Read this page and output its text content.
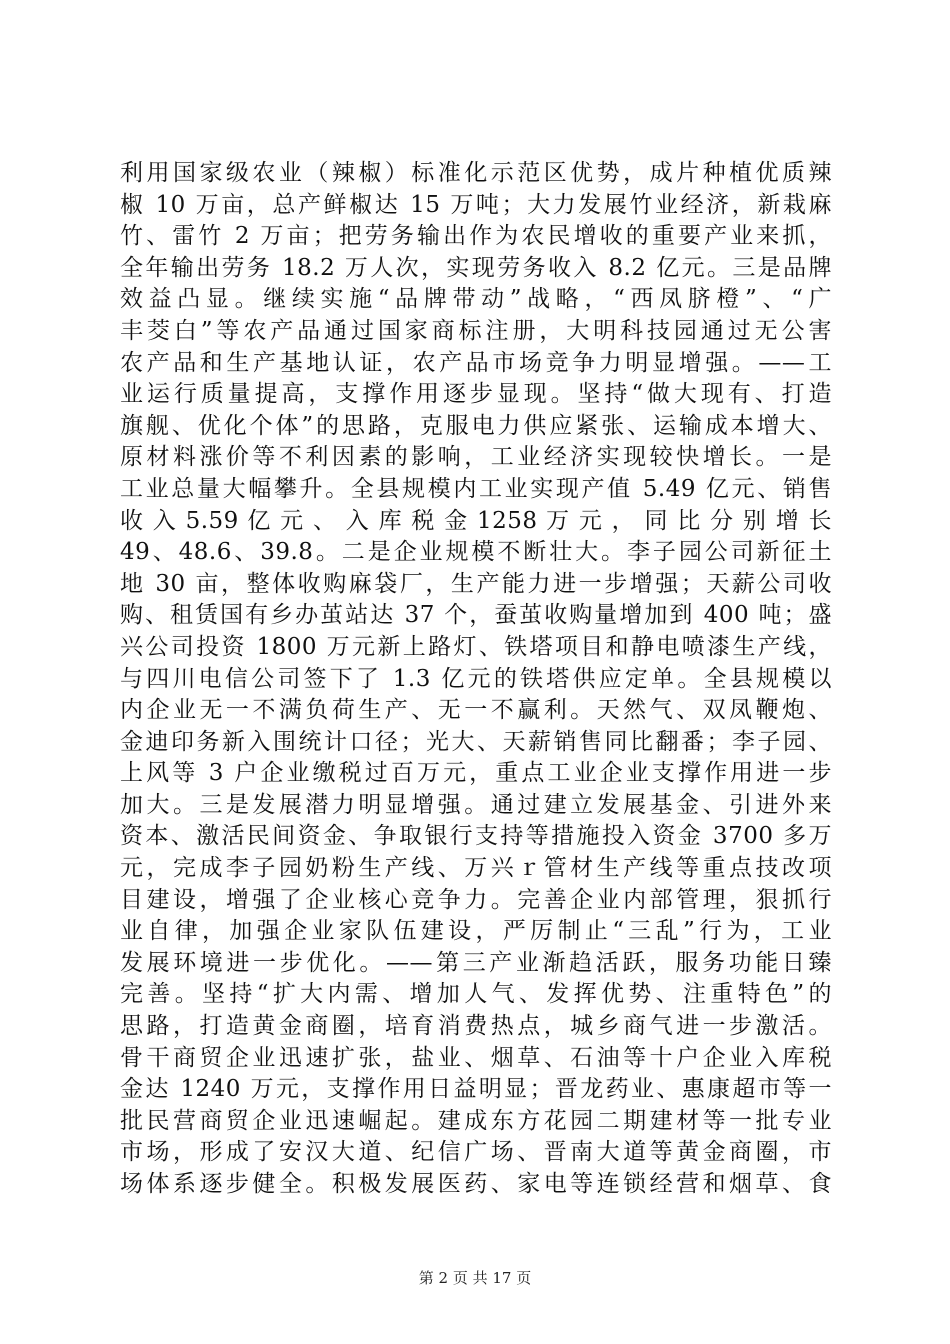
利用国家级农业（辣椒）标准化示范区优势，成片种植优质辣
椒 10 万亩，总产鲜椒达 15 万吨；大力发展竹业经济，新栽麻
竹、雷竹 2 万亩；把劳务输出作为农民增收的重要产业来抓，
全年输出劳务 18.2 万人次，实现劳务收入 8.2 亿元。三是品牌
效益凸显。继续实施“品牌带动”战略，“西凤脐橙”、“广
丰茭白”等农产品通过国家商标注册，大明科技园通过无公害
农产品和生产基地认证，农产品市场竞争力明显增强。——工
业运行质量提高，支撑作用逐步显现。坚持“做大现有、打造
旗舰、优化个体”的思路，克服电力供应紧张、运输成本增大、
原材料涨价等不利因素的影响，工业经济实现较快增长。一是
工业总量大幅攀升。全县规模内工业实现产值 5.49 亿元、销售
收 入 5.59 亿 元 、 入 库 税 金 1258 万 元 ， 同 比 分 别 增 长
49、48.6、39.8。二是企业规模不断壮大。李子园公司新征土
地 30 亩，整体收购麻袋厂，生产能力进一步增强；天薪公司收
购、租赁国有乡办茧站达 37 个，蚕茧收购量增加到 400 吨；盛
兴公司投资 1800 万元新上路灯、铁塔项目和静电喷漆生产线，
与四川电信公司签下了 1.3 亿元的铁塔供应定单。全县规模以
内企业无一不满负荷生产、无一不赢利。天然气、双凤鞭炮、
金迪印务新入围统计口径；光大、天薪销售同比翻番；李子园、
上风等 3 户企业缴税过百万元，重点工业企业支撑作用进一步
加大。三是发展潜力明显增强。通过建立发展基金、引进外来
资本、激活民间资金、争取银行支持等措施投入资金 3700 多万
元，完成李子园奶粉生产线、万兴ｒ管材生产线等重点技改项
目建设，增强了企业核心竞争力。完善企业内部管理，狠抓行
业自律，加强企业家队伍建设，严厉制止“三乱”行为，工业
发展环境进一步优化。——第三产业渐趋活跃，服务功能日臻
完善。坚持“扩大内需、增加人气、发挥优势、注重特色”的
思路，打造黄金商圈，培育消费热点，城乡商气进一步激活。
骨干商贸企业迅速扩张，盐业、烟草、石油等十户企业入库税
金达 1240 万元，支撑作用日益明显；晋龙药业、惠康超市等一
批民营商贸企业迅速崛起。建成东方花园二期建材等一批专业
市场，形成了安汉大道、纪信广场、晋南大道等黄金商圈，市
场体系逐步健全。积极发展医药、家电等连锁经营和烟草、食
第 2 页 共 17 页
